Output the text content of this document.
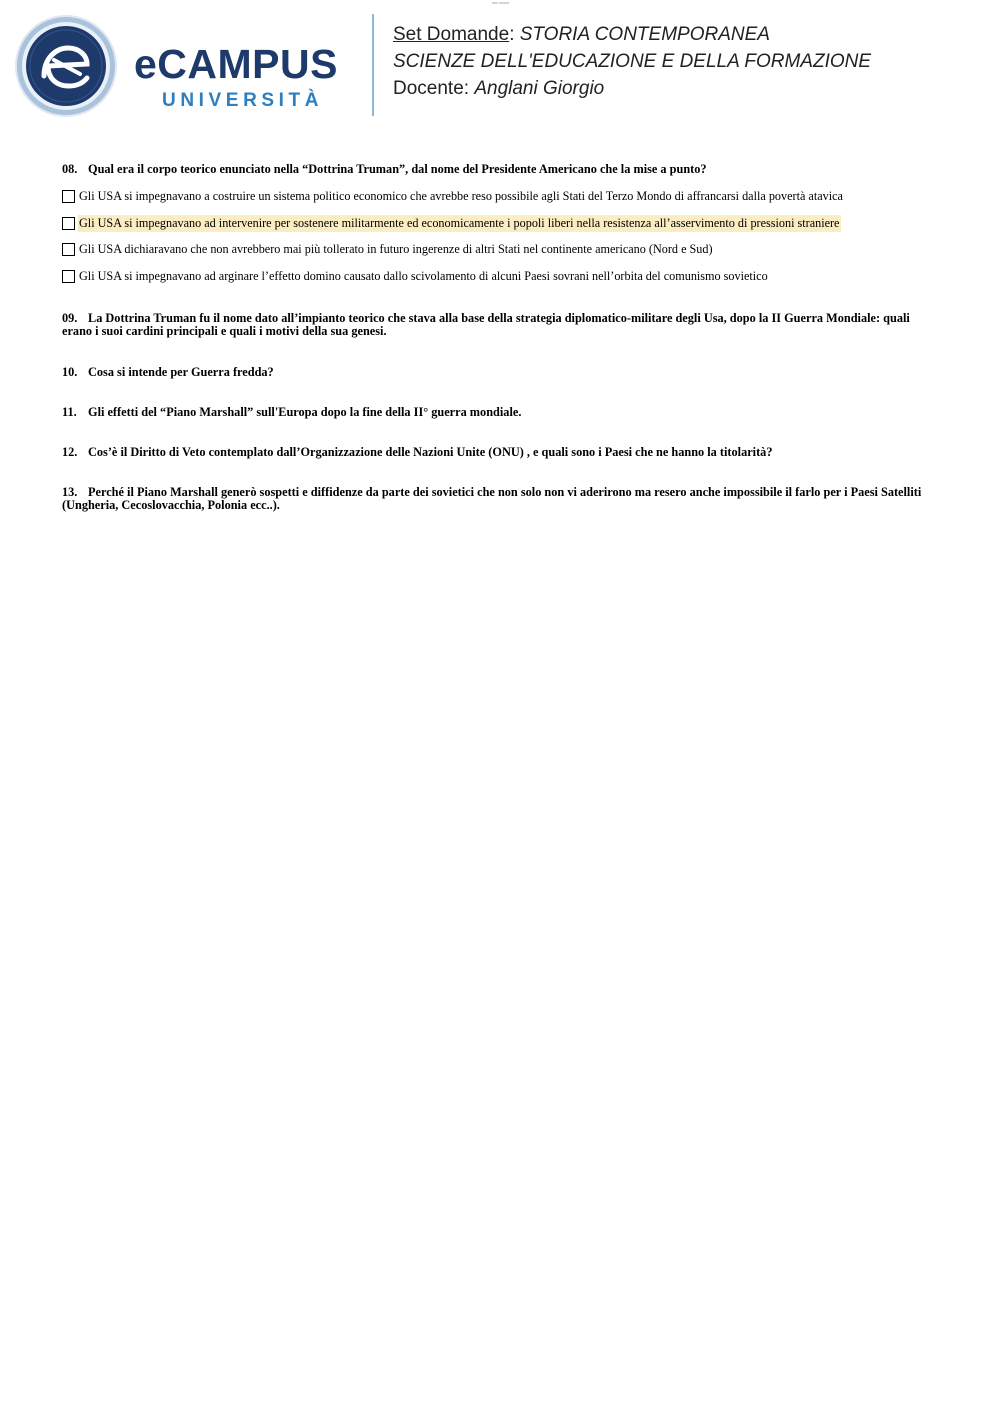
xxx xxxxx
eCAMPUS
UNIVERSITÀ
Set Domande: STORIA CONTEMPORANEA
SCIENZE DELL'EDUCAZIONE E DELLA FORMAZIONE
Docente: Anglani Giorgio
08. Qual era il corpo teorico enunciato nella “Dottrina Truman”, dal nome del Presidente Americano che la mise a punto?
Gli USA si impegnavano a costruire un sistema politico economico che avrebbe reso possibile agli Stati del Terzo Mondo di affrancarsi dalla povertà atavica
Gli USA si impegnavano ad intervenire per sostenere militarmente ed economicamente i popoli liberi nella resistenza all’asservimento di pressioni straniere
Gli USA dichiaravano che non avrebbero mai più tollerato in futuro ingerenze di altri Stati nel continente americano (Nord e Sud)
Gli USA si impegnavano ad arginare l’effetto domino causato dallo scivolamento di alcuni Paesi sovrani nell’orbita del comunismo sovietico
09. La Dottrina Truman fu il nome dato all’impianto teorico che stava alla base della strategia diplomatico-militare degli Usa, dopo la II Guerra Mondiale: quali erano i suoi cardini principali e quali i motivi della sua genesi.
10. Cosa si intende per Guerra fredda?
11. Gli effetti del “Piano Marshall” sull'Europa dopo la fine della II° guerra mondiale.
12. Cos’è il Diritto di Veto contemplato dall’Organizzazione delle Nazioni Unite (ONU) , e quali sono i Paesi che ne hanno la titolarità?
13. Perché il Piano Marshall generò sospetti e diffidenze da parte dei sovietici che non solo non vi aderirono ma resero anche impossibile il farlo per i Paesi Satelliti (Ungheria, Cecoslovacchia, Polonia ecc..).
